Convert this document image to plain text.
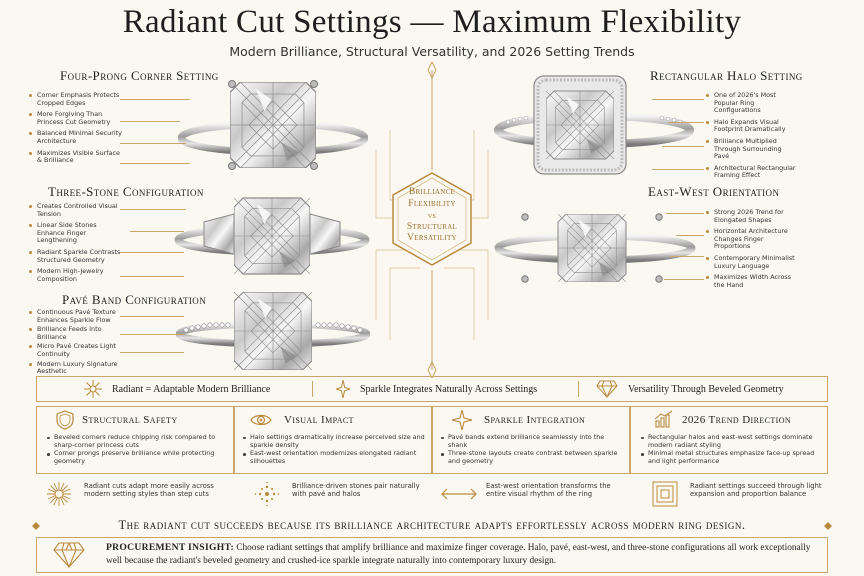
Radiant Cut Settings — Maximum Flexibility
Modern Brilliance, Structural Versatility, and 2026 Setting Trends
Brilliance
Flexibility
vs
Structural
Versatility
Four-Prong Corner Setting
Corner Emphasis Protects Cropped Edges
More Forgiving Than Princess Cut Geometry
Balanced Minimal Security Architecture
Maximizes Visible Surface & Brilliance
Three-Stone Configuration
Creates Controlled Visual Tension
Linear Side Stones Enhance Finger Lengthening
Radiant Sparkle Contrasts Structured Geometry
Modern High-Jewelry Composition
Pavé Band Configuration
Continuous Pavé Texture Enhances Sparkle Flow
Brilliance Feeds Into Brilliance
Micro Pavé Creates Light Continuity
Modern Luxury Signature Aesthetic
Rectangular Halo Setting
One of 2026's Most Popular Ring Configurations
Halo Expands Visual Footprint Dramatically
Brilliance Multiplied Through Surrounding Pavé
Architectural Rectangular Framing Effect
East-West Orientation
Strong 2026 Trend for Elongated Shapes
Horizontal Architecture Changes Finger Proportions
Contemporary Minimalist Luxury Language
Maximizes Width Across the Hand
Radiant = Adaptable Modern Brilliance	Sparkle Integrates Naturally Across Settings	Versatility Through Beveled Geometry
Structural Safety
Beveled corners reduce chipping risk compared to sharp-corner princess cuts
Corner prongs preserve brilliance while protecting geometry
Visual Impact
Halo settings dramatically increase perceived size and sparkle density
East-west orientation modernizes elongated radiant silhouettes
Sparkle Integration
Pavé bands extend brilliance seamlessly into the shank
Three-stone layouts create contrast between sparkle and geometry
2026 Trend Direction
Rectangular halos and east-west settings dominate modern radiant styling
Minimal metal structures emphasize face-up spread and light performance
Radiant cuts adapt more easily across modern setting styles than step cuts
Brilliance-driven stones pair naturally with pavé and halos
East-west orientation transforms the entire visual rhythm of the ring
Radiant settings succeed through light expansion and proportion balance
The radiant cut succeeds because its brilliance architecture adapts effortlessly across modern ring design.
PROCUREMENT INSIGHT: Choose radiant settings that amplify brilliance and maximize finger coverage. Halo, pavé, east-west, and three-stone configurations all work exceptionally well because the radiant's beveled geometry and crushed-ice sparkle integrate naturally into contemporary luxury design.
